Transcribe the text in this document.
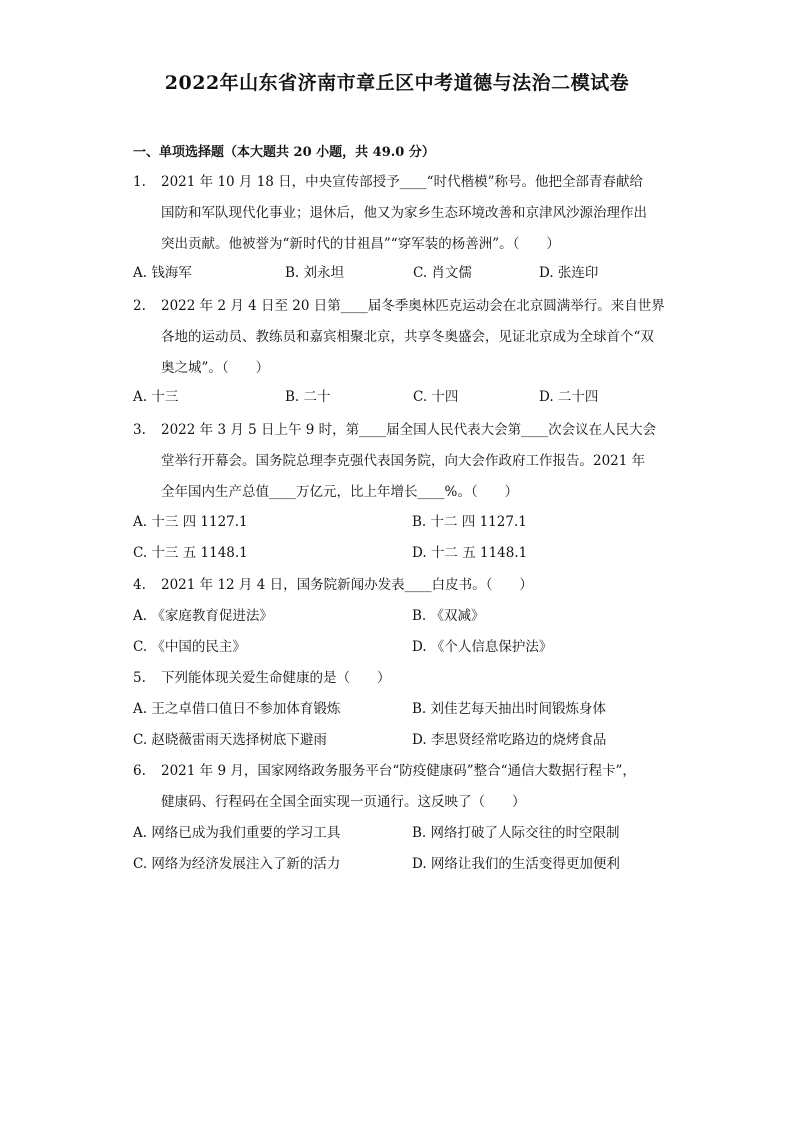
2022年山东省济南市章丘区中考道德与法治二模试卷
一、单项选择题（本大题共 20 小题，共 49.0 分）
1.	2021 年 10 月 18 日，中央宣传部授予____“时代楷模”称号。他把全部青春献给
国防和军队现代化事业；退休后，他又为家乡生态环境改善和京津风沙源治理作出
突出贡献。他被誉为“新时代的甘祖昌”“穿军装的杨善洲”。（　　）
A. 钱海军	B. 刘永坦	C. 肖文儒	D. 张连印
2.	2022 年 2 月 4 日至 20 日第____届冬季奥林匹克运动会在北京圆满举行。来自世界
各地的运动员、教练员和嘉宾相聚北京，共享冬奥盛会，见证北京成为全球首个“双
奥之城”。（　　）
A. 十三	B. 二十	C. 十四	D. 二十四
3.	2022 年 3 月 5 日上午 9 时，第____届全国人民代表大会第____次会议在人民大会
堂举行开幕会。国务院总理李克强代表国务院，向大会作政府工作报告。2021 年
全年国内生产总值____万亿元，比上年增长____%。（　　）
A. 十三 四 1127.1	B. 十二 四 1127.1
C. 十三 五 1148.1	D. 十二 五 1148.1
4.	2021 年 12 月 4 日，国务院新闻办发表____白皮书。（　　）
A. 《家庭教育促进法》	B. 《双减》
C. 《中国的民主》	D. 《个人信息保护法》
5.	下列能体现关爱生命健康的是（　　）
A. 王之卓借口值日不参加体育锻炼	B. 刘佳艺每天抽出时间锻炼身体
C. 赵晓薇雷雨天选择树底下避雨	D. 李思贤经常吃路边的烧烤食品
6.	2021 年 9 月，国家网络政务服务平台“防疫健康码”整合“通信大数据行程卡”，
健康码、行程码在全国全面实现一页通行。这反映了（　　）
A. 网络已成为我们重要的学习工具	B. 网络打破了人际交往的时空限制
C. 网络为经济发展注入了新的活力	D. 网络让我们的生活变得更加便利
